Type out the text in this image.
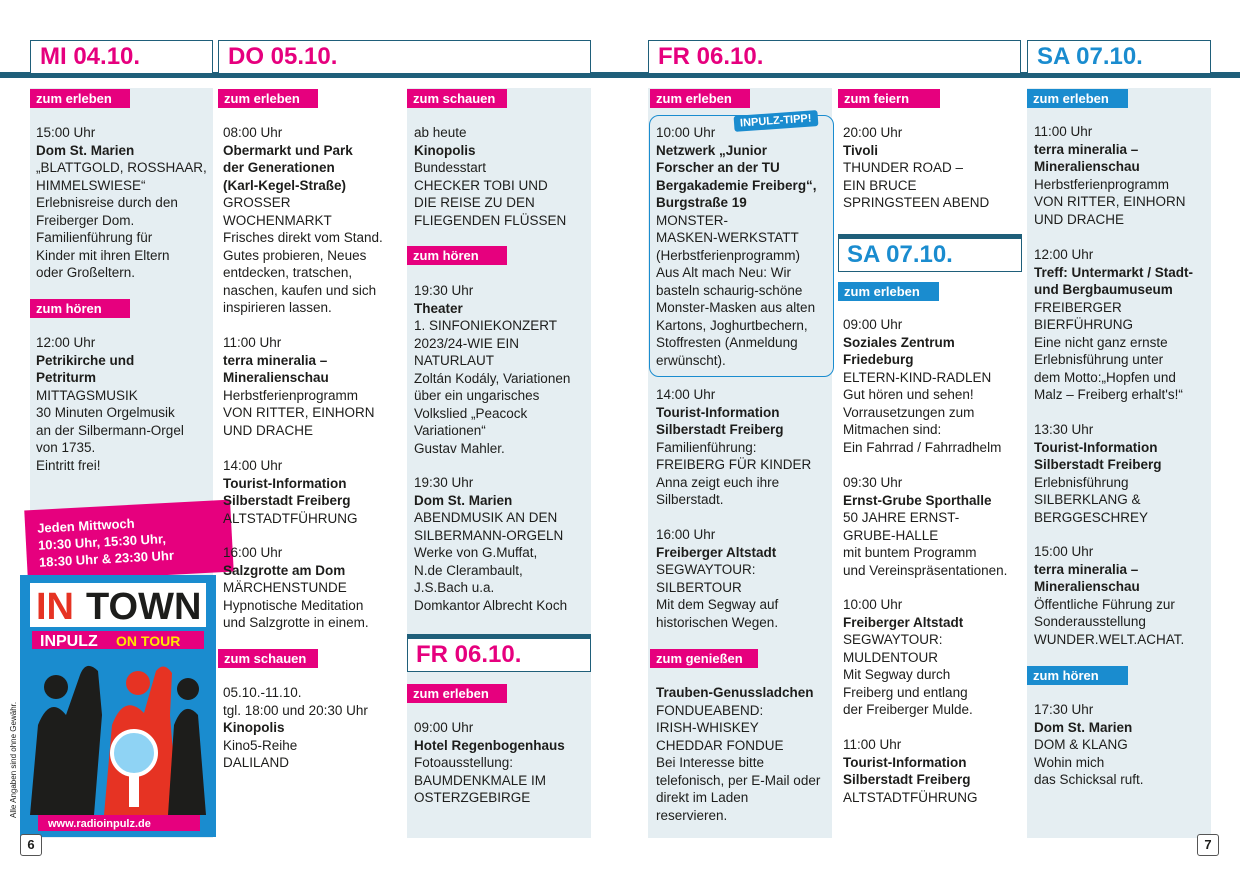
MI 04.10.	DO 05.10.	FR 06.10.	SA 07.10.
zum erleben
15:00 Uhr
Dom St. Marien
„BLATTGOLD, ROSSHAAR,
HIMMELSWIESE“
Erlebnisreise durch den
Freiberger Dom.
Familienführung für
Kinder mit ihren Eltern
oder Großeltern.
zum hören
12:00 Uhr
Petrikirche und
Petriturm
MITTAGSMUSIK
30 Minuten Orgelmusik
an der Silbermann-Orgel
von 1735.
Eintritt frei!
Jeden Mittwoch
10:30 Uhr, 15:30 Uhr,
18:30 Uhr & 23:30 Uhr
IN TOWN
INPULZ ON TOUR
www.radioinpulz.de
Alle Angaben sind ohne Gewähr.
zum erleben
08:00 Uhr
Obermarkt und Park
der Generationen
(Karl-Kegel-Straße)
GROSSER
WOCHENMARKT
Frisches direkt vom Stand.
Gutes probieren, Neues
entdecken, tratschen,
naschen, kaufen und sich
inspirieren lassen.
11:00 Uhr
terra mineralia –
Mineralienschau
Herbstferienprogramm
VON RITTER, EINHORN
UND DRACHE
14:00 Uhr
Tourist-Information
Silberstadt Freiberg
ALTSTADTFÜHRUNG
16:00 Uhr
Salzgrotte am Dom
MÄRCHENSTUNDE
Hypnotische Meditation
und Salzgrotte in einem.
zum schauen
05.10.-11.10.
tgl. 18:00 und 20:30 Uhr
Kinopolis
Kino5-Reihe
DALILAND
zum schauen
ab heute
Kinopolis
Bundesstart
CHECKER TOBI UND
DIE REISE ZU DEN
FLIEGENDEN FLÜSSEN
zum hören
19:30 Uhr
Theater
1. SINFONIEKONZERT
2023/24-WIE EIN
NATURLAUT
Zoltán Kodály, Variationen
über ein ungarisches
Volkslied „Peacock
Variationen“
Gustav Mahler.
19:30 Uhr
Dom St. Marien
ABENDMUSIK AN DEN
SILBERMANN-ORGELN
Werke von G.Muffat,
N.de Clerambault,
J.S.Bach u.a.
Domkantor Albrecht Koch
FR 06.10.
zum erleben
09:00 Uhr
Hotel Regenbogenhaus
Fotoausstellung:
BAUMDENKMALE IM
OSTERZGEBIRGE
6
zum erleben
INPULZ-TIPP!
10:00 Uhr
Netzwerk „Junior
Forscher an der TU
Bergakademie Freiberg“,
Burgstraße 19
MONSTER-
MASKEN-WERKSTATT
(Herbstferienprogramm)
Aus Alt mach Neu: Wir
basteln schaurig-schöne
Monster-Masken aus alten
Kartons, Joghurtbechern,
Stoffresten (Anmeldung
erwünscht).
14:00 Uhr
Tourist-Information
Silberstadt Freiberg
Familienführung:
FREIBERG FÜR KINDER
Anna zeigt euch ihre
Silberstadt.
16:00 Uhr
Freiberger Altstadt
SEGWAYTOUR:
SILBERTOUR
Mit dem Segway auf
historischen Wegen.
zum genießen
Trauben-Genussladchen
FONDUEABEND:
IRISH-WHISKEY
CHEDDAR FONDUE
Bei Interesse bitte
telefonisch, per E-Mail oder
direkt im Laden
reservieren.
zum feiern
20:00 Uhr
Tivoli
THUNDER ROAD –
EIN BRUCE
SPRINGSTEEN ABEND
SA 07.10.
zum erleben
09:00 Uhr
Soziales Zentrum
Friedeburg
ELTERN-KIND-RADLEN
Gut hören und sehen!
Vorrausetzungen zum
Mitmachen sind:
Ein Fahrrad / Fahrradhelm
09:30 Uhr
Ernst-Grube Sporthalle
50 JAHRE ERNST-
GRUBE-HALLE
mit buntem Programm
und Vereinspräsentationen.
10:00 Uhr
Freiberger Altstadt
SEGWAYTOUR:
MULDENTOUR
Mit Segway durch
Freiberg und entlang
der Freiberger Mulde.
11:00 Uhr
Tourist-Information
Silberstadt Freiberg
ALTSTADTFÜHRUNG
zum erleben
11:00 Uhr
terra mineralia –
Mineralienschau
Herbstferienprogramm
VON RITTER, EINHORN
UND DRACHE
12:00 Uhr
Treff: Untermarkt / Stadt-
und Bergbaumuseum
FREIBERGER
BIERFÜHRUNG
Eine nicht ganz ernste
Erlebnisführung unter
dem Motto:„Hopfen und
Malz – Freiberg erhalt's!“
13:30 Uhr
Tourist-Information
Silberstadt Freiberg
Erlebnisführung
SILBERKLANG &
BERGGESCHREY
15:00 Uhr
terra mineralia –
Mineralienschau
Öffentliche Führung zur
Sonderausstellung
WUNDER.WELT.ACHAT.
zum hören
17:30 Uhr
Dom St. Marien
DOM & KLANG
Wohin mich
das Schicksal ruft.
7
